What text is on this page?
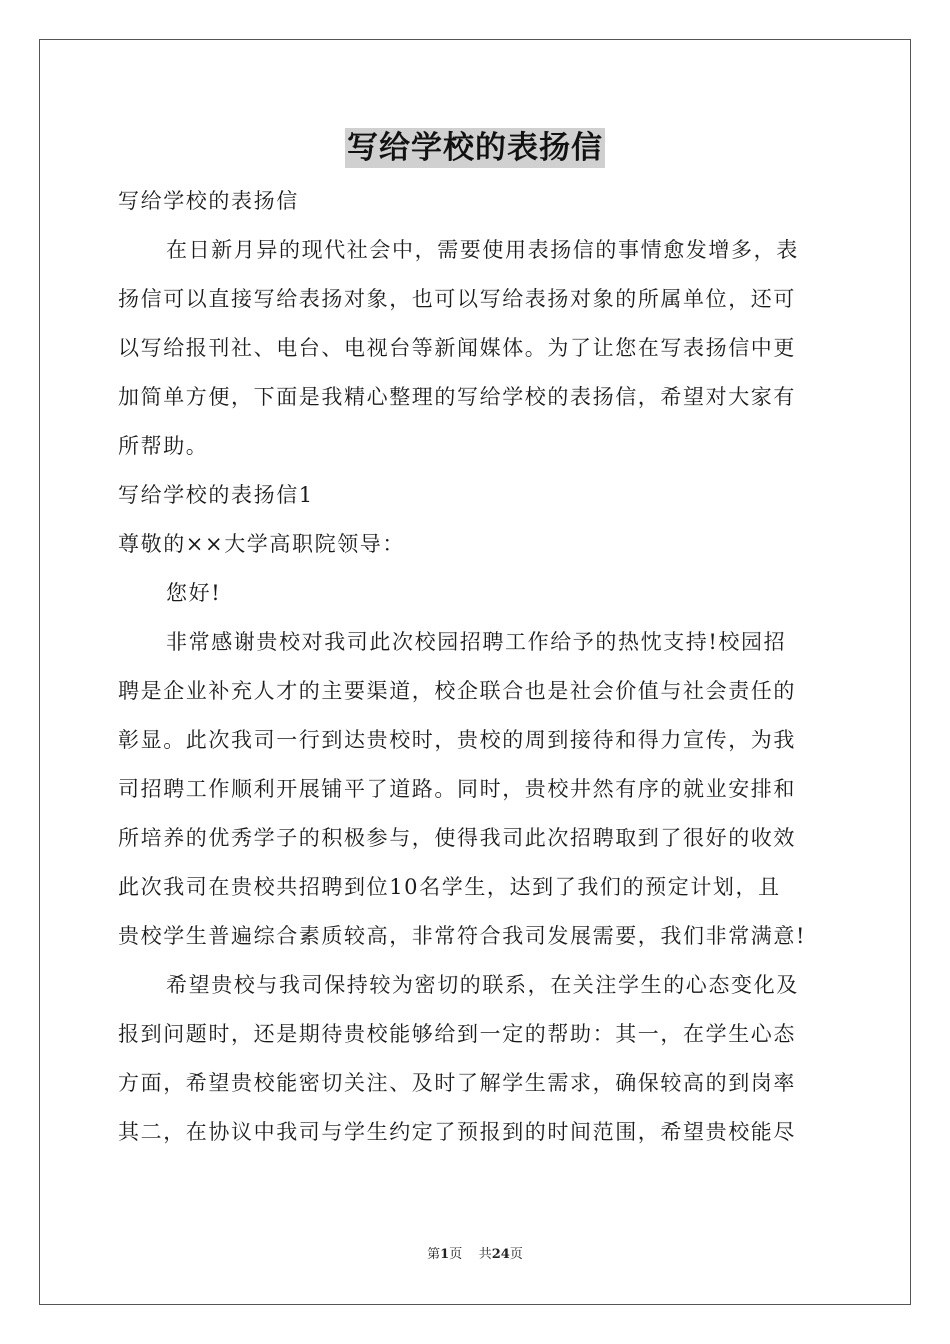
写给学校的表扬信
写给学校的表扬信
在日新月异的现代社会中，需要使用表扬信的事情愈发增多，表
扬信可以直接写给表扬对象，也可以写给表扬对象的所属单位，还可
以写给报刊社、电台、电视台等新闻媒体。为了让您在写表扬信中更
加简单方便，下面是我精心整理的写给学校的表扬信，希望对大家有
所帮助。
写给学校的表扬信1
尊敬的××大学高职院领导：
您好!
非常感谢贵校对我司此次校园招聘工作给予的热忱支持!校园招
聘是企业补充人才的主要渠道，校企联合也是社会价值与社会责任的
彰显。此次我司一行到达贵校时，贵校的周到接待和得力宣传，为我
司招聘工作顺利开展铺平了道路。同时，贵校井然有序的就业安排和
所培养的优秀学子的积极参与，使得我司此次招聘取到了很好的收效
此次我司在贵校共招聘到位10名学生，达到了我们的预定计划，且
贵校学生普遍综合素质较高，非常符合我司发展需要，我们非常满意!
希望贵校与我司保持较为密切的联系，在关注学生的心态变化及
报到问题时，还是期待贵校能够给到一定的帮助：其一，在学生心态
方面，希望贵校能密切关注、及时了解学生需求，确保较高的到岗率
其二，在协议中我司与学生约定了预报到的时间范围，希望贵校能尽
第1页 共24页
